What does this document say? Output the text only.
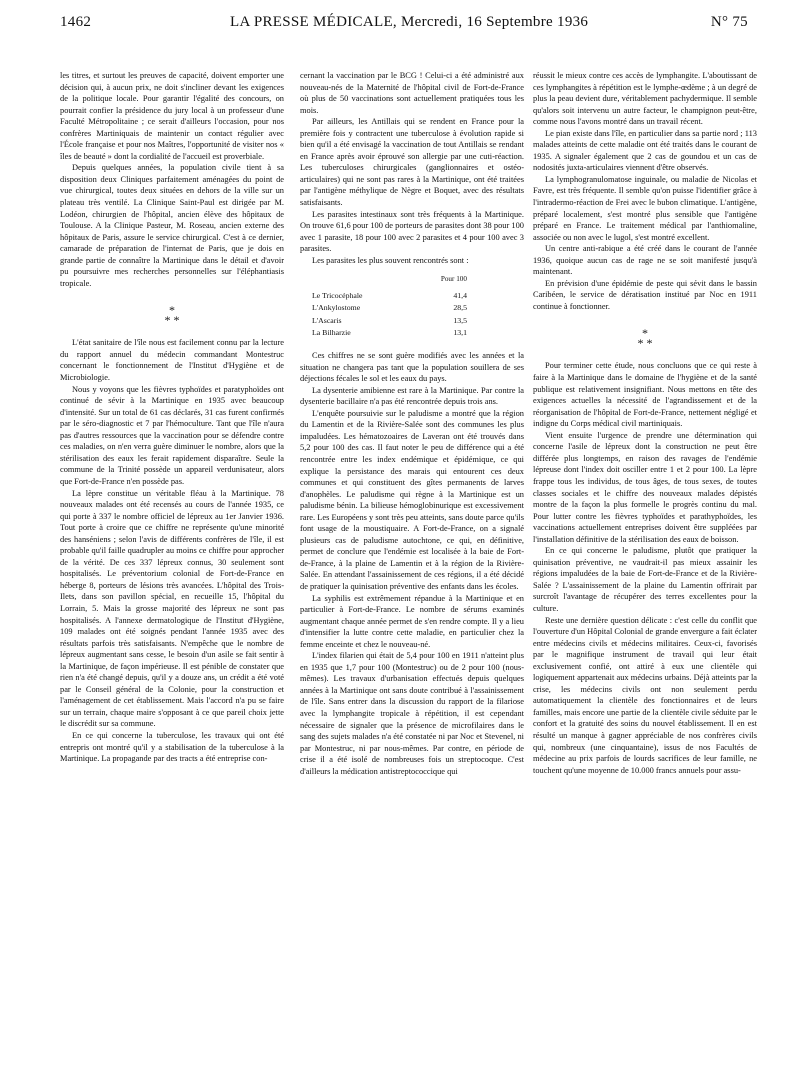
1462	LA PRESSE MÉDICALE, Mercredi, 16 Septembre 1936	N° 75

les titres, et surtout les preuves de capacité, doivent emporter une décision qui, à aucun prix, ne doit s'incliner devant les exigences de la politique locale. Pour garantir l'égalité des concours, on pourrait confier la présidence du jury local à un professeur d'une Faculté Métropolitaine ; ce serait d'ailleurs l'occasion, pour nos confrères Martiniquais de maintenir un contact régulier avec l'École française et pour nos Maîtres, l'opportunité de visiter nos « îles de beauté » dont la cordialité de l'accueil est proverbiale.

Depuis quelques années, la population civile tient à sa disposition deux Cliniques parfaitement aménagées du point de vue chirurgical, toutes deux situées en dehors de la ville sur un plateau très ventilé. La Clinique Saint-Paul est dirigée par M. Lodéon, chirurgien de l'hôpital, ancien élève des hôpitaux de Toulouse. A la Clinique Pasteur, M. Roseau, ancien externe des hôpitaux de Paris, assure le service chirurgical. C'est à ce dernier, camarade de préparation de l'internat de Paris, que je dois en grande partie de connaître la Martinique dans le détail et d'avoir pu poursuivre mes recherches personnelles sur l'éléphantiasis tropicale.

*
* *

L'état sanitaire de l'île nous est facilement connu par la lecture du rapport annuel du médecin commandant Montestruc concernant le fonctionnement de l'Institut d'Hygiène et de Microbiologie.

Nous y voyons que les fièvres typhoïdes et paratyphoïdes ont continué de sévir à la Martinique en 1935 avec beaucoup d'intensité. Sur un total de 61 cas déclarés, 31 cas furent confirmés par le séro-diagnostic et 7 par l'hémoculture. Tant que l'île n'aura pas d'autres ressources que la vaccination pour se défendre contre ces maladies, on n'en verra guère diminuer le nombre, alors que la stérilisation des eaux les ferait rapidement disparaître. Seule la commune de la Trinité possède un appareil verdunisateur, alors que Fort-de-France n'en possède pas.

La lèpre constitue un véritable fléau à la Martinique. 78 nouveaux malades ont été recensés au cours de l'année 1935, ce qui porte à 337 le nombre officiel de lépreux au 1er Janvier 1936. Tout porte à croire que ce chiffre ne représente qu'une minorité des hanséniens ; selon l'avis de différents confrères de l'île, il est probable qu'il faille quadrupler au moins ce chiffre pour approcher de la vérité. De ces 337 lépreux connus, 30 seulement sont hospitalisés. Le préventorium colonial de Fort-de-France en héberge 8, porteurs de lésions très avancées. L'hôpital des Trois-Ilets, dans son pavillon spécial, en recueille 15, l'hôpital du Lorrain, 5. Mais la grosse majorité des lépreux ne sont pas hospitalisés. A l'annexe dermatologique de l'Institut d'Hygiène, 109 malades ont été soignés pendant l'année 1935 avec des résultats parfois très satisfaisants. N'empêche que le nombre de lépreux augmentant sans cesse, le besoin d'un asile se fait sentir à la Martinique, de façon impérieuse. Il est pénible de constater que rien n'a été changé depuis, qu'il y a douze ans, un crédit a été voté par le Conseil général de la Colonie, pour la construction et l'aménagement de cet établissement. Mais l'accord n'a pu se faire sur un terrain, chaque maire s'opposant à ce que pareil choix jette le discrédit sur sa commune.

En ce qui concerne la tuberculose, les travaux qui ont été entrepris ont montré qu'il y a stabilisation de la tuberculose à la Martinique. La propagande par des tracts a été entreprise con-

cernant la vaccination par le BCG ! Celui-ci a été administré aux nouveau-nés de la Maternité de l'hôpital civil de Fort-de-France où plus de 50 vaccinations sont actuellement pratiquées tous les mois.

Par ailleurs, les Antillais qui se rendent en France pour la première fois y contractent une tuberculose à évolution rapide si bien qu'il a été envisagé la vaccination de tout Antillais se rendant en France après avoir éprouvé son allergie par une cuti-réaction. Les tuberculoses chirurgicales (ganglionnaires et ostéo-articulaires) qui ne sont pas rares à la Martinique, ont été traitées par l'antigène méthylique de Nègre et Boquet, avec des résultats satisfaisants.

Les parasites intestinaux sont très fréquents à la Martinique. On trouve 61,6 pour 100 de porteurs de parasites dont 38 pour 100 avec 1 parasite, 18 pour 100 avec 2 parasites et 4 pour 100 avec 3 parasites.

Les parasites les plus souvent rencontrés sont :

	Pour 100
Le Tricocéphale	41,4
L'Ankylostome	28,5
L'Ascaris	13,5
La Bilharzie	13,1

Ces chiffres ne se sont guère modifiés avec les années et la situation ne changera pas tant que la population souillera de ses déjections fécales le sol et les eaux du pays.

La dysenterie amibienne est rare à la Martinique. Par contre la dysenterie bacillaire n'a pas été rencontrée depuis trois ans.

L'enquête poursuivie sur le paludisme a montré que la région du Lamentin et de la Rivière-Salée sont des communes les plus impaludées. Les hématozoaires de Laveran ont été trouvés dans 5,2 pour 100 des cas. Il faut noter le peu de différence qui a été rencontrée entre les index endémique et épidémique, ce qui explique la persistance des marais qui entourent ces deux communes et qui constituent des gîtes permanents de larves d'anophèles. Le paludisme qui règne à la Martinique est un paludisme bénin. La bilieuse hémoglobinurique est excessivement rare. Les Européens y sont très peu atteints, sans doute parce qu'ils font usage de la moustiquaire. A Fort-de-France, on a signalé plusieurs cas de paludisme autochtone, ce qui, en définitive, permet de conclure que l'endémie est localisée à la baie de Fort-de-France, à la plaine de Lamentin et à la région de la Rivière-Salée. En attendant l'assainissement de ces régions, il a été décidé de pratiquer la quinisation préventive des enfants dans les écoles.

La syphilis est extrêmement répandue à la Martinique et en particulier à Fort-de-France. Le nombre de sérums examinés augmentant chaque année permet de s'en rendre compte. Il y a lieu d'intensifier la lutte contre cette maladie, en particulier chez la femme enceinte et chez le nouveau-né.

L'index filarien qui était de 5,4 pour 100 en 1911 n'atteint plus en 1935 que 1,7 pour 100 (Montestruc) ou de 2 pour 100 (nous-mêmes). Les travaux d'urbanisation effectués depuis quelques années à la Martinique ont sans doute contribué à l'assainissement de l'île. Sans entrer dans la discussion du rapport de la filariose avec la lymphangite tropicale à répétition, il est cependant nécessaire de signaler que la présence de microfilaires dans le sang des sujets malades n'a été constatée ni par Noc et Stevenel, ni par Montestruc, ni par nous-mêmes. Par contre, en période de crise il a été isolé de nombreuses fois un streptocoque. C'est d'ailleurs la médication antistreptococcique qui

réussit le mieux contre ces accès de lymphangite. L'aboutissant de ces lymphangites à répétition est le lymphe-œdème ; à un degré de plus la peau devient dure, véritablement pachydermique. Il semble qu'alors soit intervenu un autre facteur, le champignon peut-être, comme nous l'avons montré dans un travail récent.

Le pian existe dans l'île, en particulier dans sa partie nord ; 113 malades atteints de cette maladie ont été traités dans le courant de 1935. A signaler également que 2 cas de goundou et un cas de nodosités juxta-articulaires viennent d'être observés.

La lymphogranulomatose inguinale, ou maladie de Nicolas et Favre, est très fréquente. Il semble qu'on puisse l'identifier grâce à l'intradermo-réaction de Frei avec le bubon climatique. L'antigène, préparé localement, s'est montré plus sensible que l'antigène préparé en France. Le traitement médical par l'anthiomaline, associée ou non avec le lugol, s'est montré excellent.

Un centre anti-rabique a été créé dans le courant de l'année 1936, quoique aucun cas de rage ne se soit manifesté jusqu'à maintenant.

En prévision d'une épidémie de peste qui sévit dans le bassin Caribéen, le service de dératisation institué par Noc en 1911 continue à fonctionner.

*
* *

Pour terminer cette étude, nous concluons que ce qui reste à faire à la Martinique dans le domaine de l'hygiène et de la santé publique est relativement insignifiant. Nous mettons en tête des exigences actuelles la nécessité de l'agrandissement et de la réorganisation de l'hôpital de Fort-de-France, nettement négligé et indigne du Corps médical civil martiniquais.

Vient ensuite l'urgence de prendre une détermination qui concerne l'asile de lépreux dont la construction ne peut être différée plus longtemps, en raison des ravages de l'endémie lépreuse dont l'index doit osciller entre 1 et 2 pour 100. La lèpre frappe tous les individus, de tous âges, de tous sexes, de toutes classes sociales et le chiffre des nouveaux malades dépistés montre de la façon la plus formelle le progrès continu du mal. Pour lutter contre les fièvres typhoïdes et parathyphoïdes, les vaccinations actuellement entreprises doivent être suppléées par l'installation définitive de la stérilisation des eaux de boisson.

En ce qui concerne le paludisme, plutôt que pratiquer la quinisation préventive, ne vaudrait-il pas mieux assainir les régions impaludées de la baie de Fort-de-France et de la Rivière-Salée ? L'assainissement de la plaine du Lamentin offrirait par surcroît l'avantage de récupérer des terres excellentes pour la culture.

Reste une dernière question délicate : c'est celle du conflit que l'ouverture d'un Hôpital Colonial de grande envergure a fait éclater entre médecins civils et médecins militaires. Ceux-ci, favorisés par le magnifique instrument de travail qui leur était exclusivement confié, ont attiré à eux une clientèle qui logiquement appartenait aux médecins urbains. Déjà atteints par la crise, les médecins civils ont non seulement perdu automatiquement la clientèle des fonctionnaires et de leurs familles, mais encore une partie de la clientèle civile séduite par le confort et la gratuité des soins du nouvel établissement. Il en est résulté un manque à gagner appréciable de nos confrères civils qui, nombreux (une cinquantaine), issus de nos Facultés de médecine au prix parfois de lourds sacrifices de leur famille, ne touchent qu'une moyenne de 10.000 francs annuels pour assu-
